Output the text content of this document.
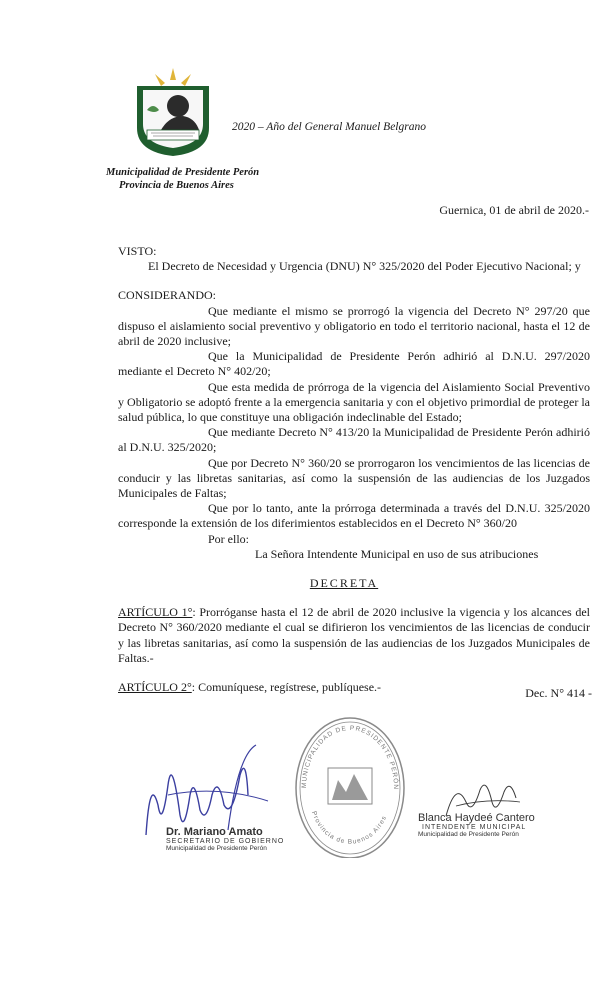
2020 – Año del General Manuel Belgrano
Municipalidad de Presidente Perón
Provincia de Buenos Aires
Guernica, 01 de abril de 2020.-

VISTO:

El Decreto de Necesidad y Urgencia (DNU) N° 325/2020 del Poder Ejecutivo Nacional; y

CONSIDERANDO:

Que mediante el mismo se prorrogó la vigencia del Decreto N° 297/20 que dispuso el aislamiento social preventivo y obligatorio en todo el territorio nacional, hasta el 12 de abril de 2020 inclusive;

Que la Municipalidad de Presidente Perón adhirió al D.N.U. 297/2020 mediante el Decreto N° 402/20;

Que esta medida de prórroga de la vigencia del Aislamiento Social Preventivo y Obligatorio se adoptó frente a la emergencia sanitaria y con el objetivo primordial de proteger la salud pública, lo que constituye una obligación indeclinable del Estado;

Que mediante Decreto N° 413/20 la Municipalidad de Presidente Perón adhirió al D.N.U. 325/2020;

Que por Decreto N° 360/20 se prorrogaron los vencimientos de las licencias de conducir y las libretas sanitarias, así como la suspensión de las audiencias de los Juzgados Municipales de Faltas;

Que por lo tanto, ante la prórroga determinada a través del D.N.U. 325/2020 corresponde la extensión de los diferimientos establecidos en el Decreto N° 360/20

Por ello:

La Señora Intendente Municipal en uso de sus atribuciones

DECRETA

ARTÍCULO 1°: Prorróganse hasta el 12 de abril de 2020 inclusive la vigencia y los alcances del Decreto N° 360/2020 mediante el cual se difirieron los vencimientos de las licencias de conducir y las libretas sanitarias, así como la suspensión de las audiencias de los Juzgados Municipales de Faltas.-

ARTÍCULO 2°: Comuníquese, regístrese, publíquese.-	Dec. N° 414 -
MUNICIPALIDAD DE PRESIDENTE PERÓN
Provincia de Buenos Aires
Dr. Mariano Amato
SECRETARIO DE GOBIERNO
Municipalidad de Presidente Perón
Blanca Haydeé Cantero
INTENDENTE MUNICIPAL
Municipalidad de Presidente Perón
